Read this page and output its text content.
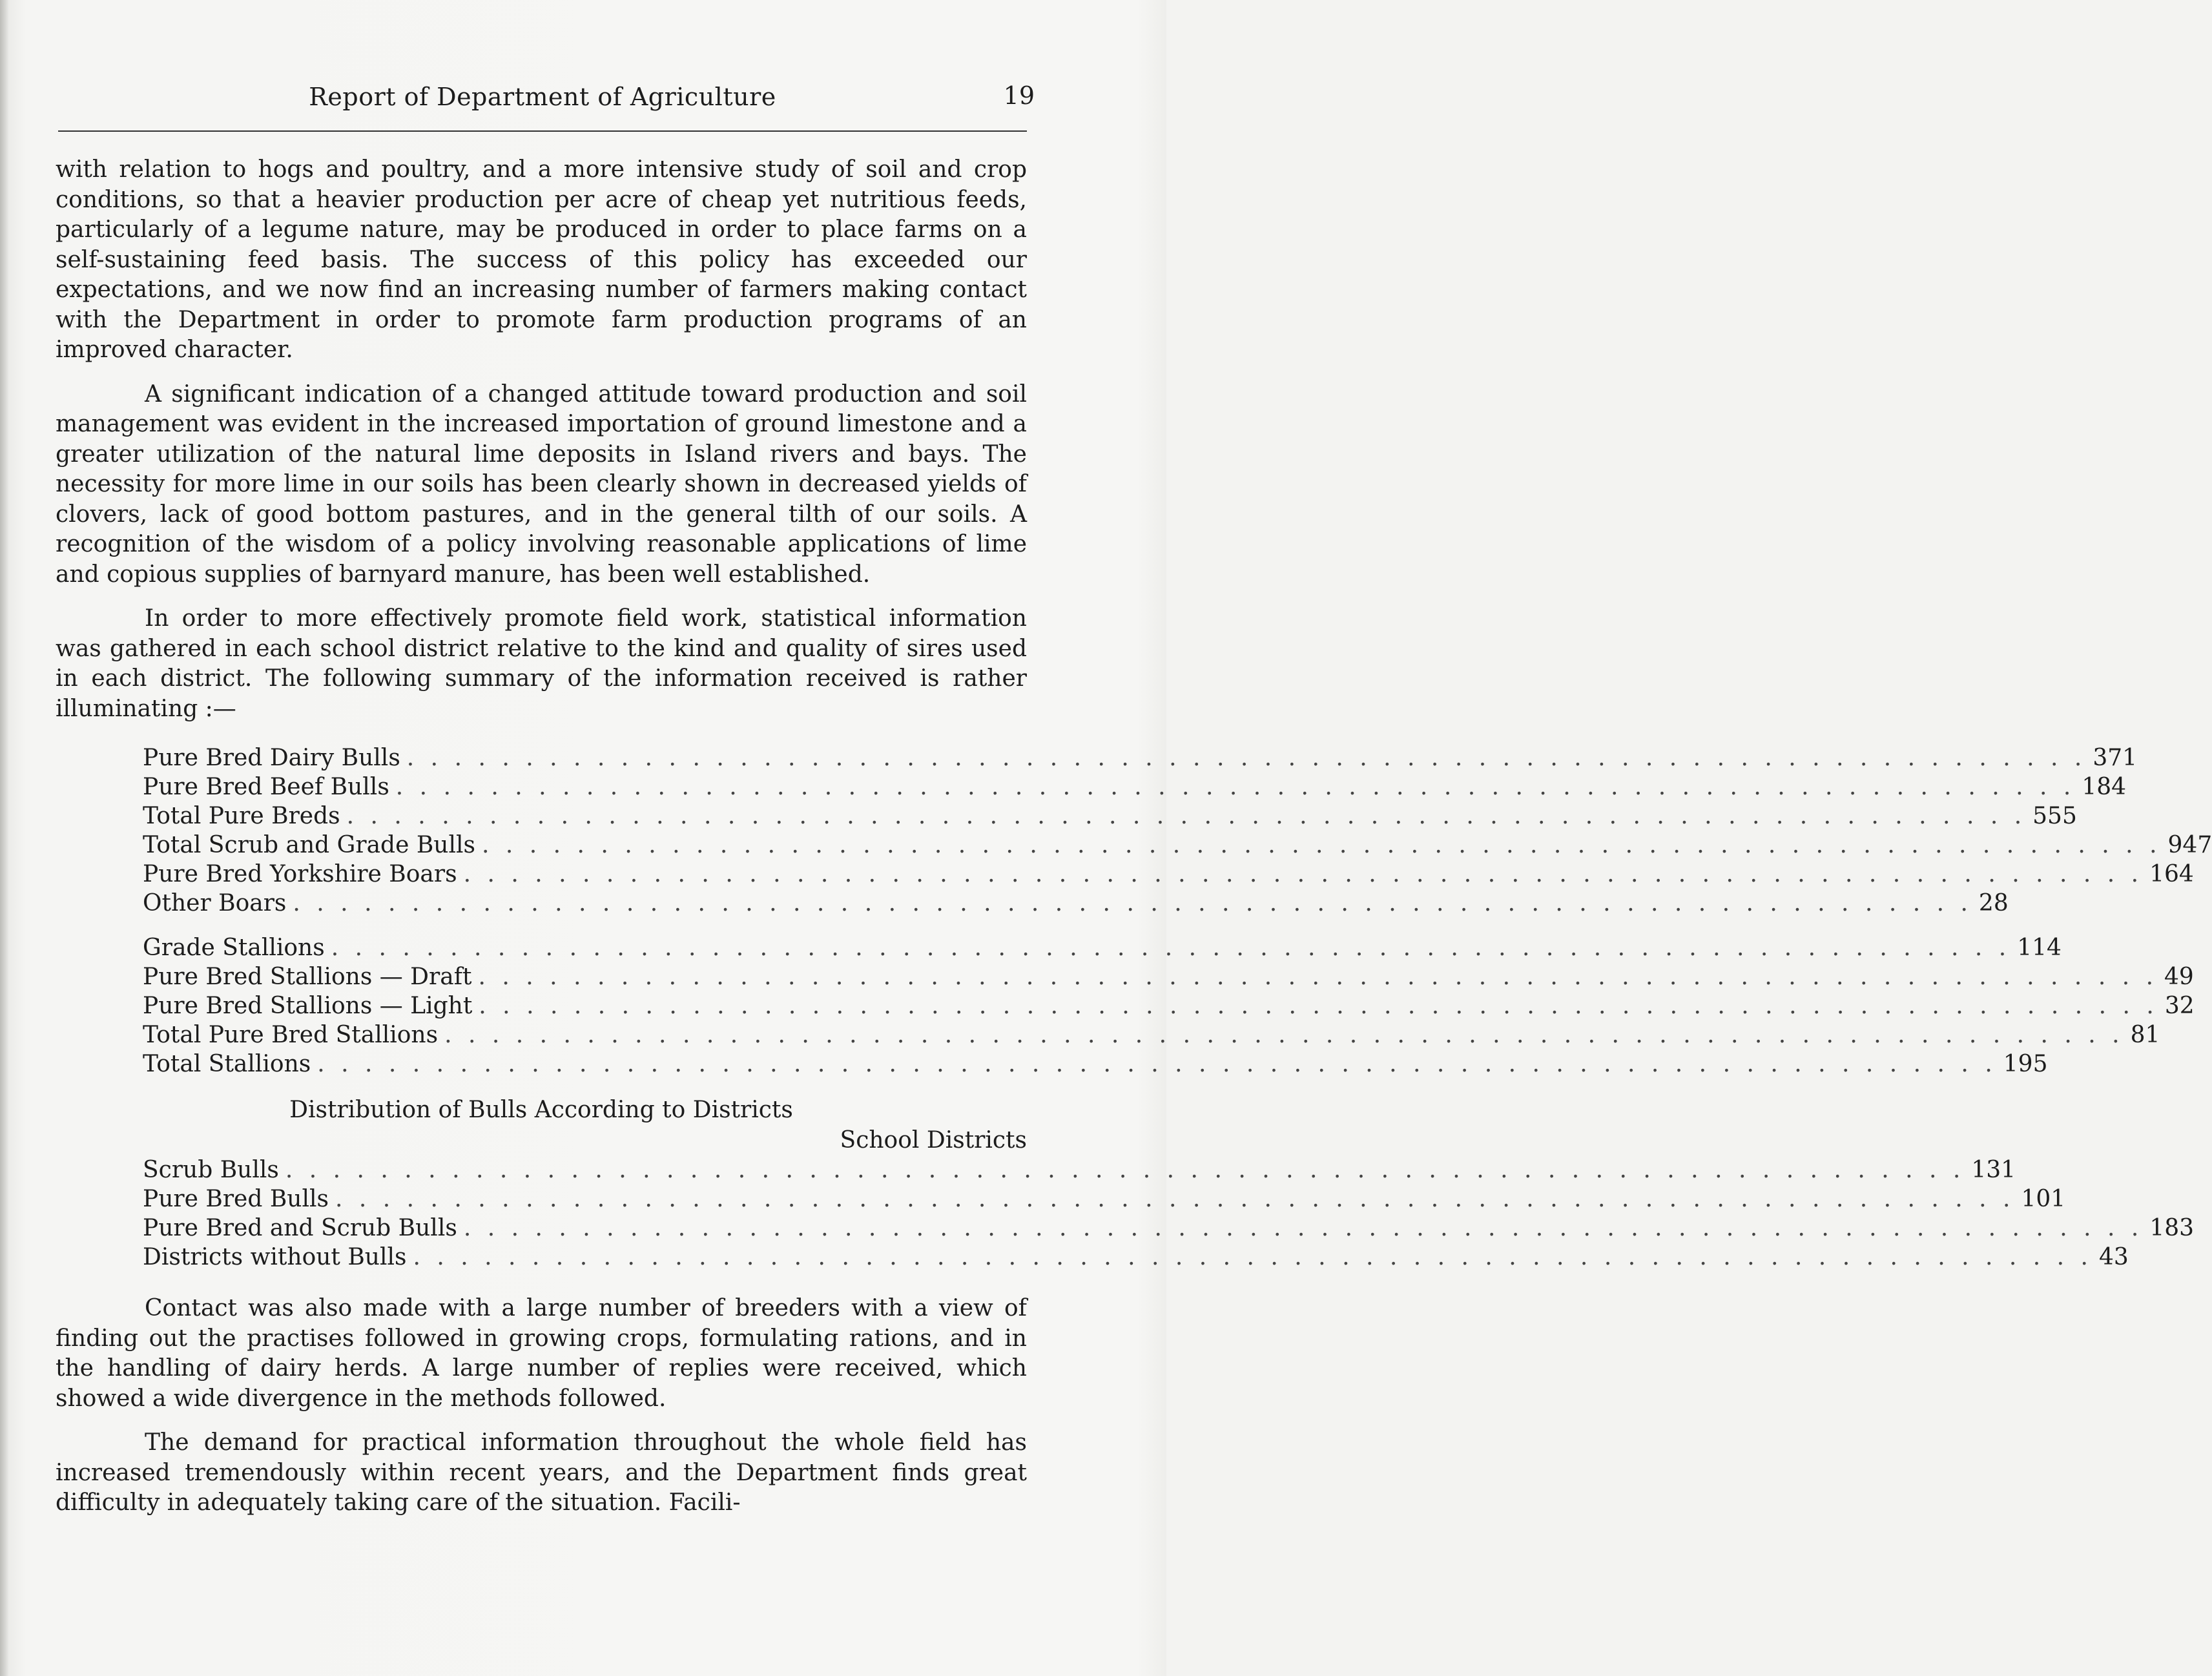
Report of Department of Agriculture	19

with relation to hogs and poultry, and a more intensive study of soil and crop conditions, so that a heavier production per acre of cheap yet nutritious feeds, particularly of a legume nature, may be produced in order to place farms on a self-sustaining feed basis. The success of this policy has exceeded our expectations, and we now find an increasing number of farmers making contact with the Department in order to promote farm production programs of an improved character.

A significant indication of a changed attitude toward production and soil management was evident in the increased importation of ground limestone and a greater utilization of the natural lime deposits in Island rivers and bays. The necessity for more lime in our soils has been clearly shown in decreased yields of clovers, lack of good bottom pastures, and in the general tilth of our soils. A recognition of the wisdom of a policy involving reasonable applications of lime and copious supplies of barnyard manure, has been well established.

In order to more effectively promote field work, statistical information was gathered in each school district relative to the kind and quality of sires used in each district. The following summary of the information received is rather illuminating :—

Pure Bred Dairy Bulls . . . . . . . . . . . . . . . . . . . . . . . . . . . . . . . . . . . . . . . . . . . . . . . . . . . . . . . . . . . . . . . . . . . . . . . 371
Pure Bred Beef Bulls . . . . . . . . . . . . . . . . . . . . . . . . . . . . . . . . . . . . . . . . . . . . . . . . . . . . . . . . . . . . . . . . . . . . . . . 184
Total Pure Breds . . . . . . . . . . . . . . . . . . . . . . . . . . . . . . . . . . . . . . . . . . . . . . . . . . . . . . . . . . . . . . . . . . . . . . . 555
Total Scrub and Grade Bulls . . . . . . . . . . . . . . . . . . . . . . . . . . . . . . . . . . . . . . . . . . . . . . . . . . . . . . . . . . . . . . . . . . . . . . . 947
Pure Bred Yorkshire Boars . . . . . . . . . . . . . . . . . . . . . . . . . . . . . . . . . . . . . . . . . . . . . . . . . . . . . . . . . . . . . . . . . . . . . . . 164
Other Boars . . . . . . . . . . . . . . . . . . . . . . . . . . . . . . . . . . . . . . . . . . . . . . . . . . . . . . . . . . . . . . . . . . . . . . . 28
Grade Stallions . . . . . . . . . . . . . . . . . . . . . . . . . . . . . . . . . . . . . . . . . . . . . . . . . . . . . . . . . . . . . . . . . . . . . . . 114
Pure Bred Stallions — Draft . . . . . . . . . . . . . . . . . . . . . . . . . . . . . . . . . . . . . . . . . . . . . . . . . . . . . . . . . . . . . . . . . . . . . . . 49
Pure Bred Stallions — Light . . . . . . . . . . . . . . . . . . . . . . . . . . . . . . . . . . . . . . . . . . . . . . . . . . . . . . . . . . . . . . . . . . . . . . . 32
Total Pure Bred Stallions . . . . . . . . . . . . . . . . . . . . . . . . . . . . . . . . . . . . . . . . . . . . . . . . . . . . . . . . . . . . . . . . . . . . . . . 81
Total Stallions . . . . . . . . . . . . . . . . . . . . . . . . . . . . . . . . . . . . . . . . . . . . . . . . . . . . . . . . . . . . . . . . . . . . . . . 195
Distribution of Bulls According to Districts
School Districts
Scrub Bulls . . . . . . . . . . . . . . . . . . . . . . . . . . . . . . . . . . . . . . . . . . . . . . . . . . . . . . . . . . . . . . . . . . . . . . . 131
Pure Bred Bulls . . . . . . . . . . . . . . . . . . . . . . . . . . . . . . . . . . . . . . . . . . . . . . . . . . . . . . . . . . . . . . . . . . . . . . . 101
Pure Bred and Scrub Bulls . . . . . . . . . . . . . . . . . . . . . . . . . . . . . . . . . . . . . . . . . . . . . . . . . . . . . . . . . . . . . . . . . . . . . . . 183
Districts without Bulls . . . . . . . . . . . . . . . . . . . . . . . . . . . . . . . . . . . . . . . . . . . . . . . . . . . . . . . . . . . . . . . . . . . . . . . 43

Contact was also made with a large number of breeders with a view of finding out the practises followed in growing crops, formulating rations, and in the handling of dairy herds. A large number of replies were received, which showed a wide divergence in the methods followed.

The demand for practical information throughout the whole field has increased tremendously within recent years, and the Department finds great difficulty in adequately taking care of the situation. Facili-
